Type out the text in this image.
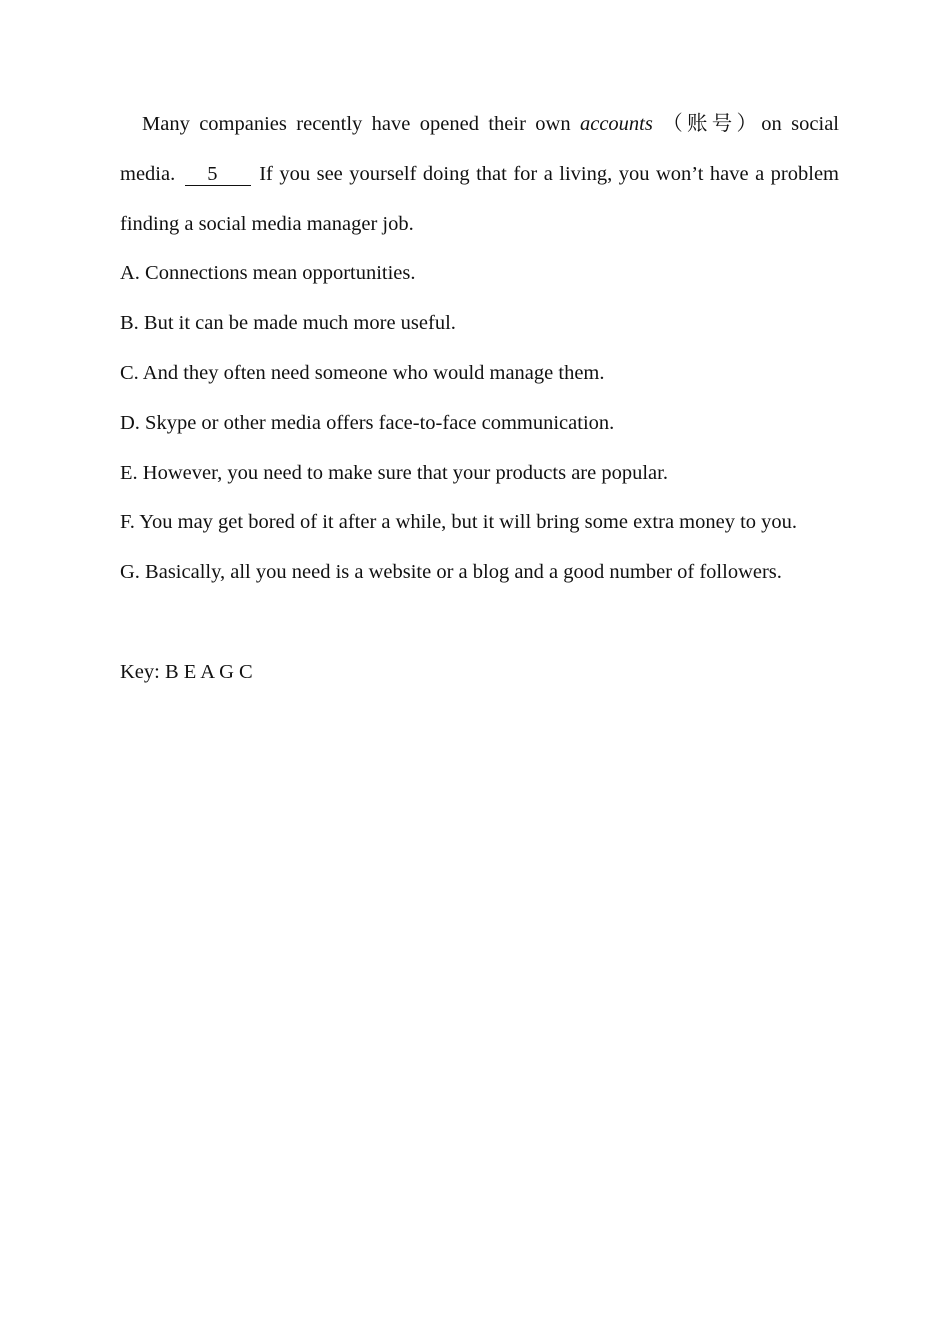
Many companies recently have opened their own accounts （账号）on social media. 5 If you see yourself doing that for a living, you won’t have a problem finding a social media manager job.

A. Connections mean opportunities.

B. But it can be made much more useful.

C. And they often need someone who would manage them.

D. Skype or other media offers face-to-face communication.

E. However, you need to make sure that your products are popular.

F. You may get bored of it after a while, but it will bring some extra money to you.

G. Basically, all you need is a website or a blog and a good number of followers.

Key: B E A G C
